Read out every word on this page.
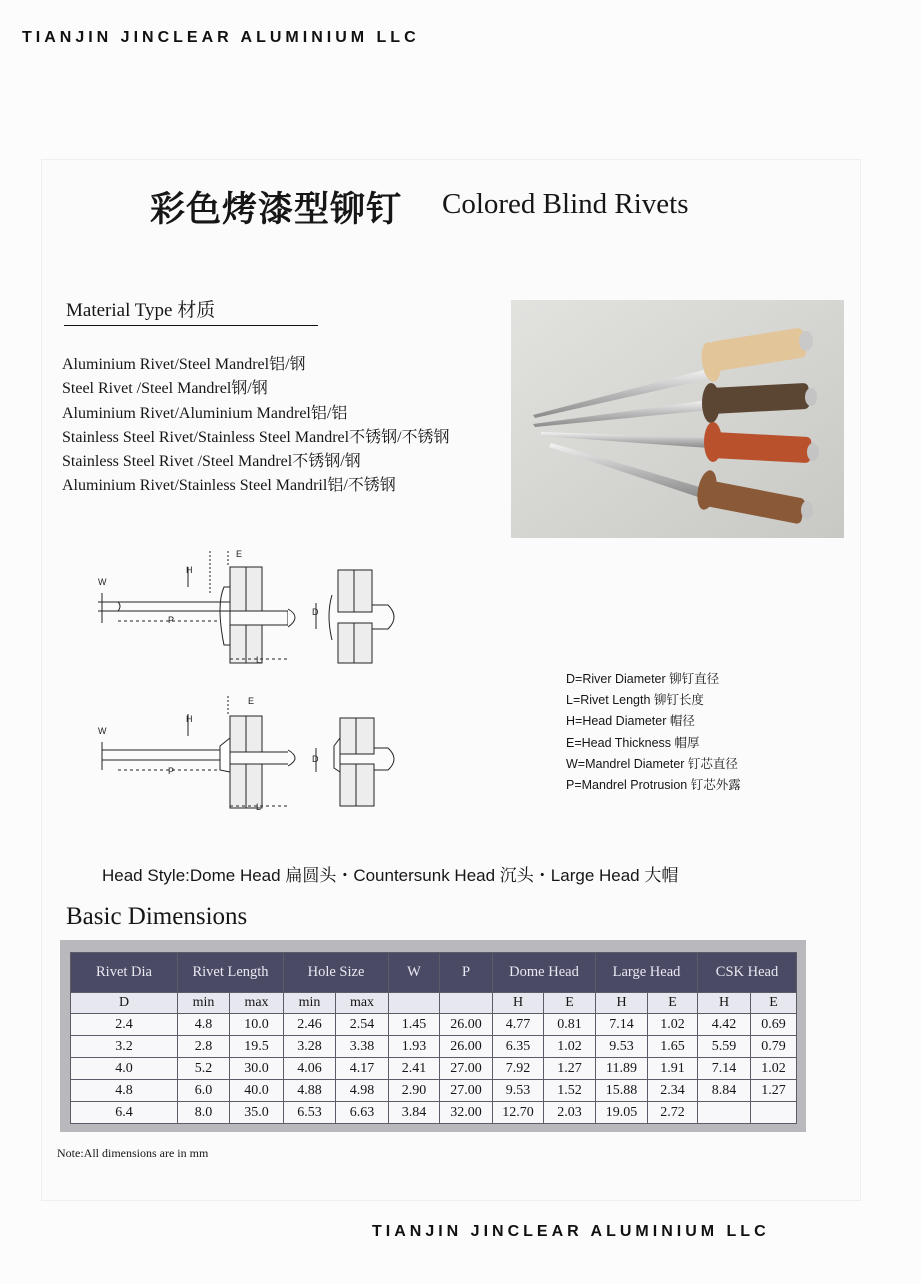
TIANJIN JINCLEAR ALUMINIUM LLC
彩色烤漆型铆钉 Colored Blind Rivets
Material Type 材质
Aluminium Rivet/Steel Mandrel铝/钢
Steel Rivet /Steel Mandrel钢/钢
Aluminium Rivet/Aluminium Mandrel铝/铝
Stainless Steel Rivet/Stainless Steel Mandrel不锈钢/不锈钢
Stainless Steel Rivet /Steel Mandrel不锈钢/钢
Aluminium Rivet/Stainless Steel Mandril铝/不锈钢
E
H
W
P
D
L
E
H
W
P
D
L
D=River Diameter 铆钉直径
L=Rivet Length 铆钉长度
H=Head Diameter 帽径
E=Head Thickness 帽厚
W=Mandrel Diameter 钉芯直径
P=Mandrel Protrusion 钉芯外露
Head Style:Dome Head 扁圆头・Countersunk Head 沉头・Large Head 大帽
Basic Dimensions
Rivet Dia	Rivet Length		Hole Size		W	P	Dome Head		Large Head		CSK Head	
D	min	max	min	max			H	E	H	E	H	E
2.4	4.8	10.0	2.46	2.54	1.45	26.00	4.77	0.81	7.14	1.02	4.42	0.69
3.2	2.8	19.5	3.28	3.38	1.93	26.00	6.35	1.02	9.53	1.65	5.59	0.79
4.0	5.2	30.0	4.06	4.17	2.41	27.00	7.92	1.27	11.89	1.91	7.14	1.02
4.8	6.0	40.0	4.88	4.98	2.90	27.00	9.53	1.52	15.88	2.34	8.84	1.27
6.4	8.0	35.0	6.53	6.63	3.84	32.00	12.70	2.03	19.05	2.72		
Note:All dimensions are in mm
TIANJIN JINCLEAR ALUMINIUM LLC
